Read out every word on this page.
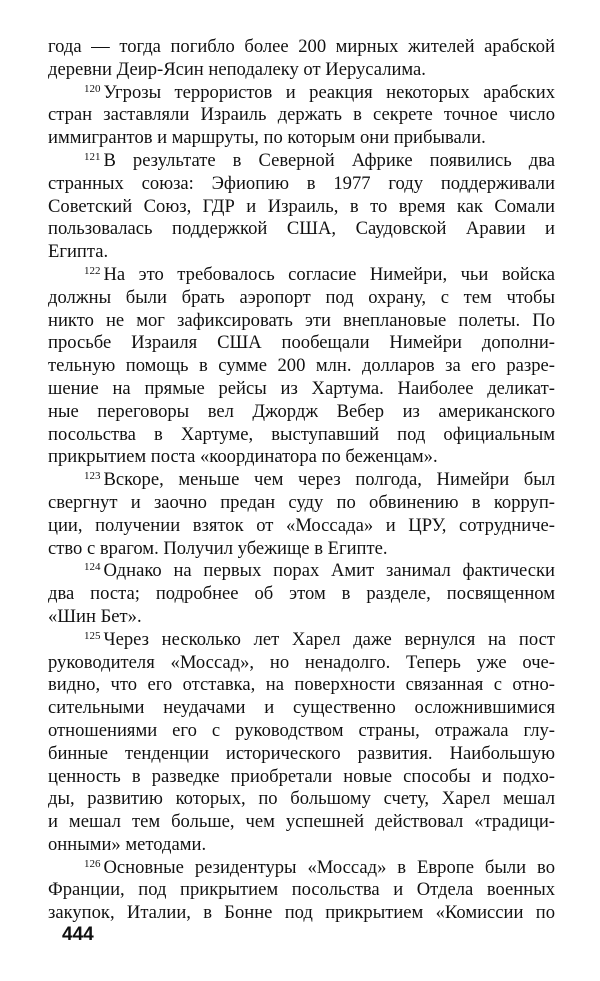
года — тогда погибло более 200 мирных жителей арабской
деревни Деир-Ясин неподалеку от Иерусалима.
$^{120}$ Угрозы террористов и реакция некоторых арабских
стран заставляли Израиль держать в секрете точное число
иммигрантов и маршруты, по которым они прибывали.
$^{121}$ В результате в Северной Африке появились два
странных союза: Эфиопию в 1977 году поддерживали
Советский Союз, ГДР и Израиль, в то время как Сомали
пользовалась поддержкой США, Саудовской Аравии и
Египта.
$^{122}$ На это требовалось согласие Нимейри, чьи войска
должны были брать аэропорт под охрану, с тем чтобы
никто не мог зафиксировать эти внеплановые полеты. По
просьбе Израиля США пообещали Нимейри дополни-
тельную помощь в сумме 200 млн. долларов за его разре-
шение на прямые рейсы из Хартума. Наиболее деликат-
ные переговоры вел Джордж Вебер из американского
посольства в Хартуме, выступавший под официальным
прикрытием поста «координатора по беженцам».
$^{123}$ Вскоре, меньше чем через полгода, Нимейри был
свергнут и заочно предан суду по обвинению в корруп-
ции, получении взяток от «Моссада» и ЦРУ, сотрудниче-
ство с врагом. Получил убежище в Египте.
$^{124}$ Однако на первых порах Амит занимал фактически
два поста; подробнее об этом в разделе, посвященном
«Шин Бет».
$^{125}$ Через несколько лет Харел даже вернулся на пост
руководителя «Моссад», но ненадолго. Теперь уже оче-
видно, что его отставка, на поверхности связанная с отно-
сительными неудачами и существенно осложнившимися
отношениями его с руководством страны, отражала глу-
бинные тенденции исторического развития. Наибольшую
ценность в разведке приобретали новые способы и подхо-
ды, развитию которых, по большому счету, Харел мешал
и мешал тем больше, чем успешней действовал «традици-
онными» методами.
$^{126}$ Основные резидентуры «Моссад» в Европе были во
Франции, под прикрытием посольства и Отдела военных
закупок, Италии, в Бонне под прикрытием «Комиссии по
444
